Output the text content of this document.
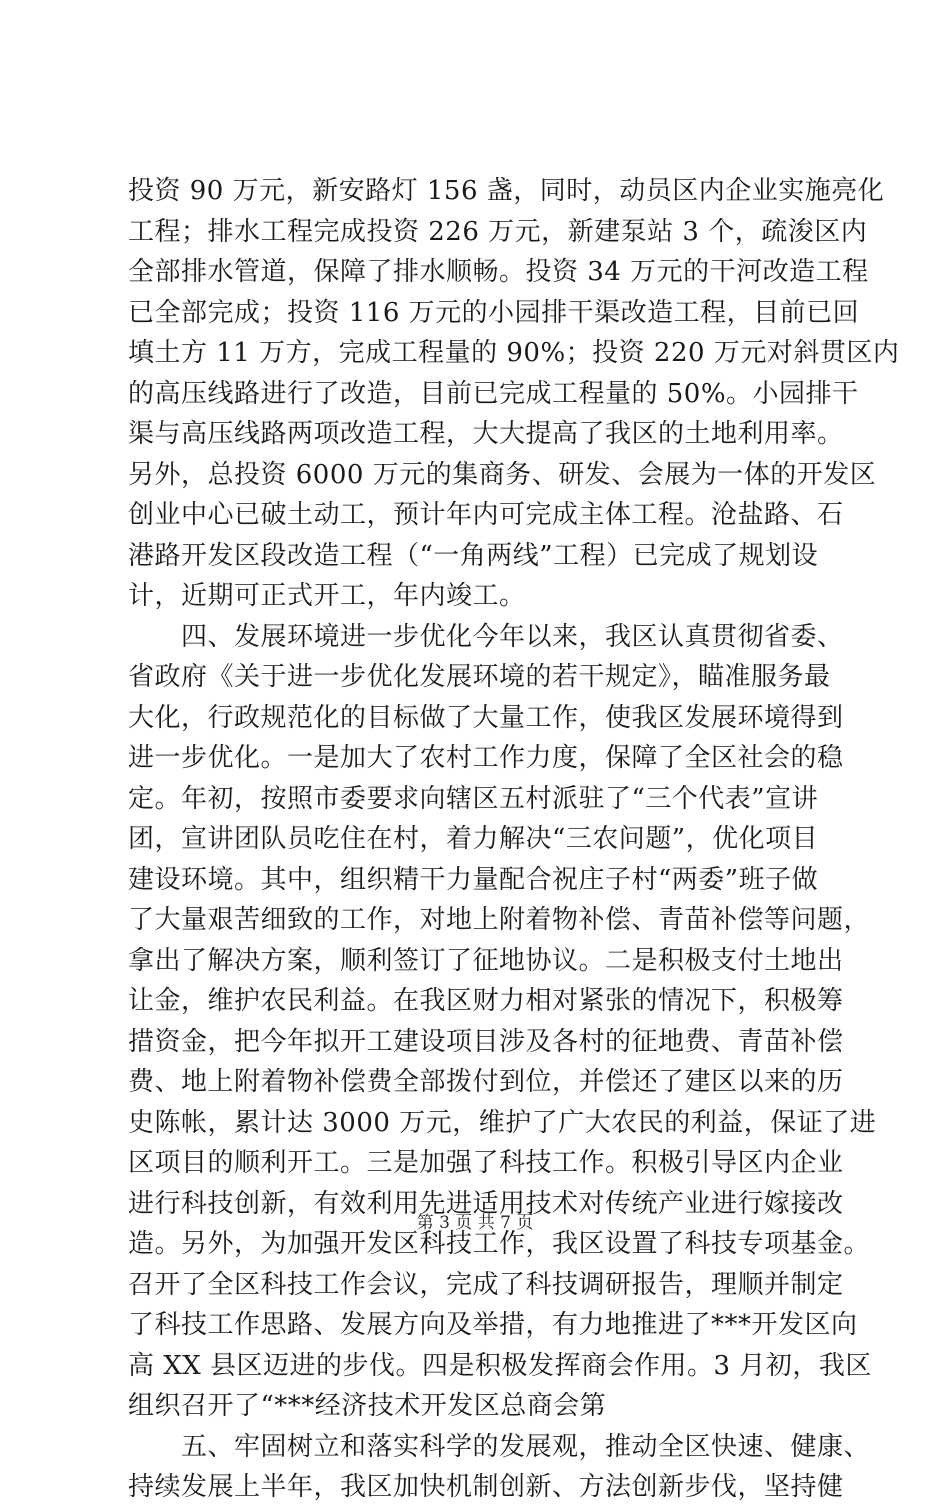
投资 90 万元，新安路灯 156 盏，同时，动员区内企业实施亮化
工程；排水工程完成投资 226 万元，新建泵站 3 个，疏浚区内
全部排水管道，保障了排水顺畅。投资 34 万元的干河改造工程
已全部完成；投资 116 万元的小园排干渠改造工程，目前已回
填土方 11 万方，完成工程量的 90%；投资 220 万元对斜贯区内
的高压线路进行了改造，目前已完成工程量的 50%。小园排干
渠与高压线路两项改造工程，大大提高了我区的土地利用率。
另外，总投资 6000 万元的集商务、研发、会展为一体的开发区
创业中心已破土动工，预计年内可完成主体工程。沧盐路、石
港路开发区段改造工程（“一角两线”工程）已完成了规划设
计，近期可正式开工，年内竣工。
　　四、发展环境进一步优化今年以来，我区认真贯彻省委、
省政府《关于进一步优化发展环境的若干规定》，瞄准服务最
大化，行政规范化的目标做了大量工作，使我区发展环境得到
进一步优化。一是加大了农村工作力度，保障了全区社会的稳
定。年初，按照市委要求向辖区五村派驻了“三个代表”宣讲
团，宣讲团队员吃住在村，着力解决“三农问题”，优化项目
建设环境。其中，组织精干力量配合祝庄子村“两委”班子做
了大量艰苦细致的工作，对地上附着物补偿、青苗补偿等问题，
拿出了解决方案，顺利签订了征地协议。二是积极支付土地出
让金，维护农民利益。在我区财力相对紧张的情况下，积极筹
措资金，把今年拟开工建设项目涉及各村的征地费、青苗补偿
费、地上附着物补偿费全部拨付到位，并偿还了建区以来的历
史陈帐，累计达 3000 万元，维护了广大农民的利益，保证了进
区项目的顺利开工。三是加强了科技工作。积极引导区内企业
进行科技创新，有效利用先进适用技术对传统产业进行嫁接改
造。另外，为加强开发区科技工作，我区设置了科技专项基金。
召开了全区科技工作会议，完成了科技调研报告，理顺并制定
了科技工作思路、发展方向及举措，有力地推进了***开发区向
高 XX 县区迈进的步伐。四是积极发挥商会作用。3 月初，我区
组织召开了“***经济技术开发区总商会第
　　五、牢固树立和落实科学的发展观，推动全区快速、健康、
持续发展上半年，我区加快机制创新、方法创新步伐，坚持健
第 3 页 共 7 页
